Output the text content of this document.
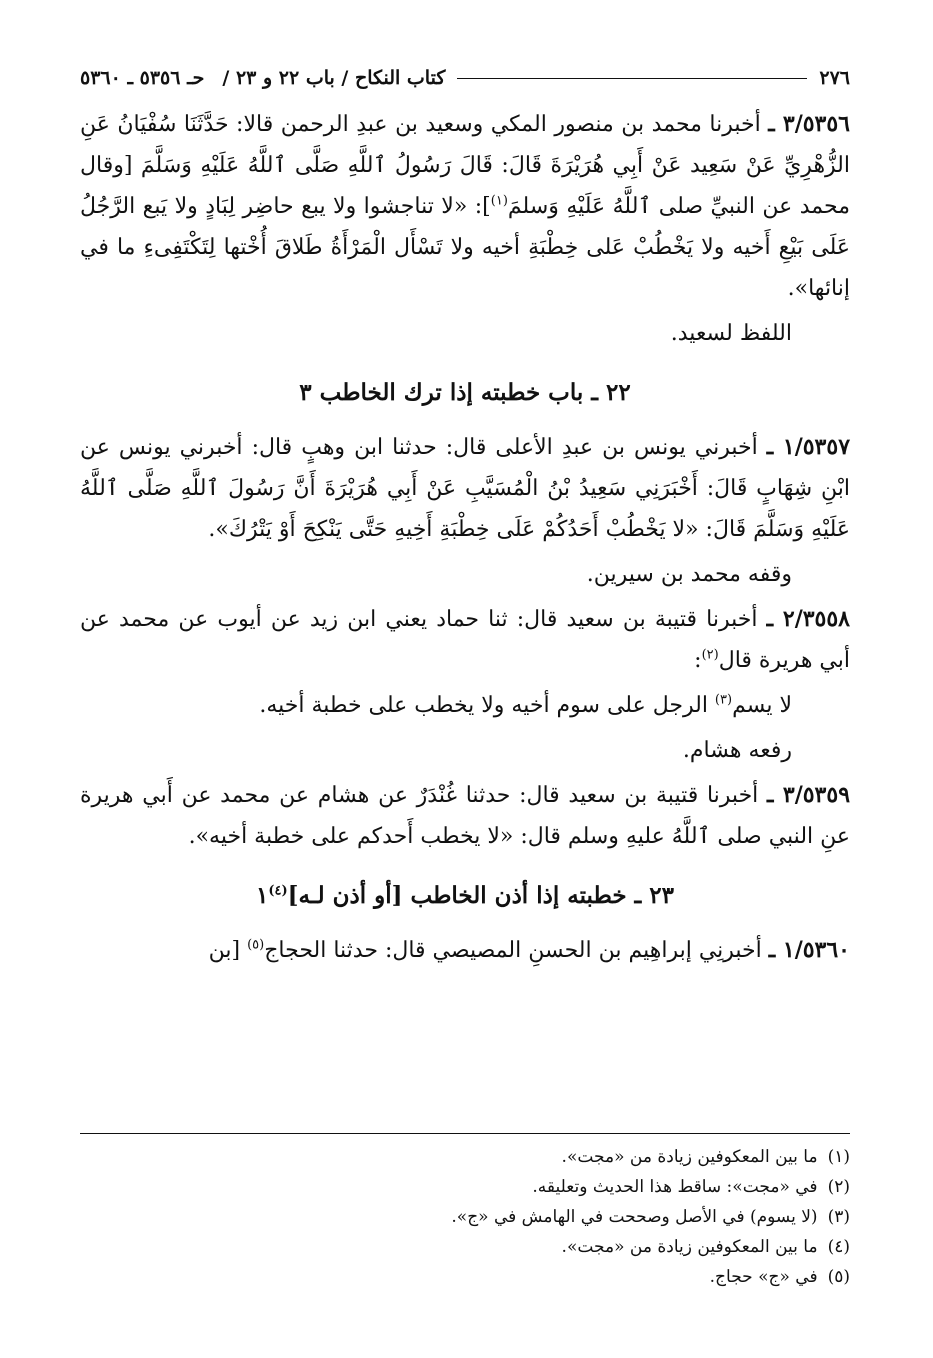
٢٧٦
كتاب النكاح / باب ٢٢ و ٢٣ /
حـ ٥٣٥٦ ـ ٥٣٦٠

٣/٥٣٥٦ ـ أخبرنا محمد بن منصور المكي وسعيد بن عبدِ الرحمن قالا: حَدَّثَنَا سُفْيَانُ عَنِ الزُّهْرِيِّ عَنْ سَعِيد عَنْ أَبِي هُرَيْرَةَ قَالَ: قَالَ رَسُولُ ٱللَّهِ صَلَّى ٱللَّهُ عَلَيْهِ وَسَلَّمَ [وقال محمد عن النبيِّ صلى ٱللَّهُ عَلَيْهِ وَسلمَ$^{(١)}$]: «لا تناجشوا ولا يبع حاضِر لِبَادٍ ولا يَبع الرَّجُلُ عَلَى بَيْعِ أَخيه ولا يَخْطُبْ عَلى خِطْبَةِ أخيه ولا تَسْأَل الْمَرْأَةُ طَلاقَ أُخْتها لِتَكْتَفِىءِ ما في إنائها».

اللفظ لسعيد.

٢٢ ـ باب خطبته إذا ترك الخاطب ٣

١/٥٣٥٧ ـ أخبرني يونس بن عبدِ الأعلى قال: حدثنا ابن وهبٍ قال: أخبرني يونس عن ابْنِ شِهَابٍ قَالَ: أَخْبَرَنِي سَعِيدُ بْنُ الْمُسَيَّبِ عَنْ أَبِي هُرَيْرَةَ أَنَّ رَسُولَ ٱللَّهِ صَلَّى ٱللَّهُ عَلَيْهِ وَسَلَّمَ قَالَ: «لا يَخْطُبْ أَحَدُكُمْ عَلَى خِطْبَةِ أَخِيهِ حَتَّى يَنْكِحَ أَوْ يَتْرُكَ».

وقفه محمد بن سيرين.

٢/٣٥٥٨ ـ أخبرنا قتيبة بن سعيد قال: ثنا حماد يعني ابن زيد عن أيوب عن محمد عن أبي هريرة قال$^{(٢)}$:

لا يسم$^{(٣)}$ الرجل على سوم أخيه ولا يخطب على خطبة أخيه.

رفعه هشام.

٣/٥٣٥٩ ـ أخبرنا قتيبة بن سعيد قال: حدثنا غُنْدَرٌ عن هشام عن محمد عن أَبي هريرة عنِ النبي صلى ٱللَّهُ عليهِ وسلم قال: «لا يخطب أَحدكم على خطبة أخيه».

٢٣ ـ خطبته إذا أذن الخاطب [أو أذن لـه]$^{(٤)}$١

١/٥٣٦٠ ـ أخبرنِي إبراهِيم بن الحسنِ المصيصي قال: حدثنا الحجاج$^{(٥)}$ [بن

(١)ما بين المعكوفين زيادة من «مجت».

(٢)في «مجت»: ساقط هذا الحديث وتعليقه.

(٣)(لا يسوم) في الأصل وصححت في الهامش في «ج».

(٤)ما بين المعكوفين زيادة من «مجت».

(٥)في «ج» حجاج.
